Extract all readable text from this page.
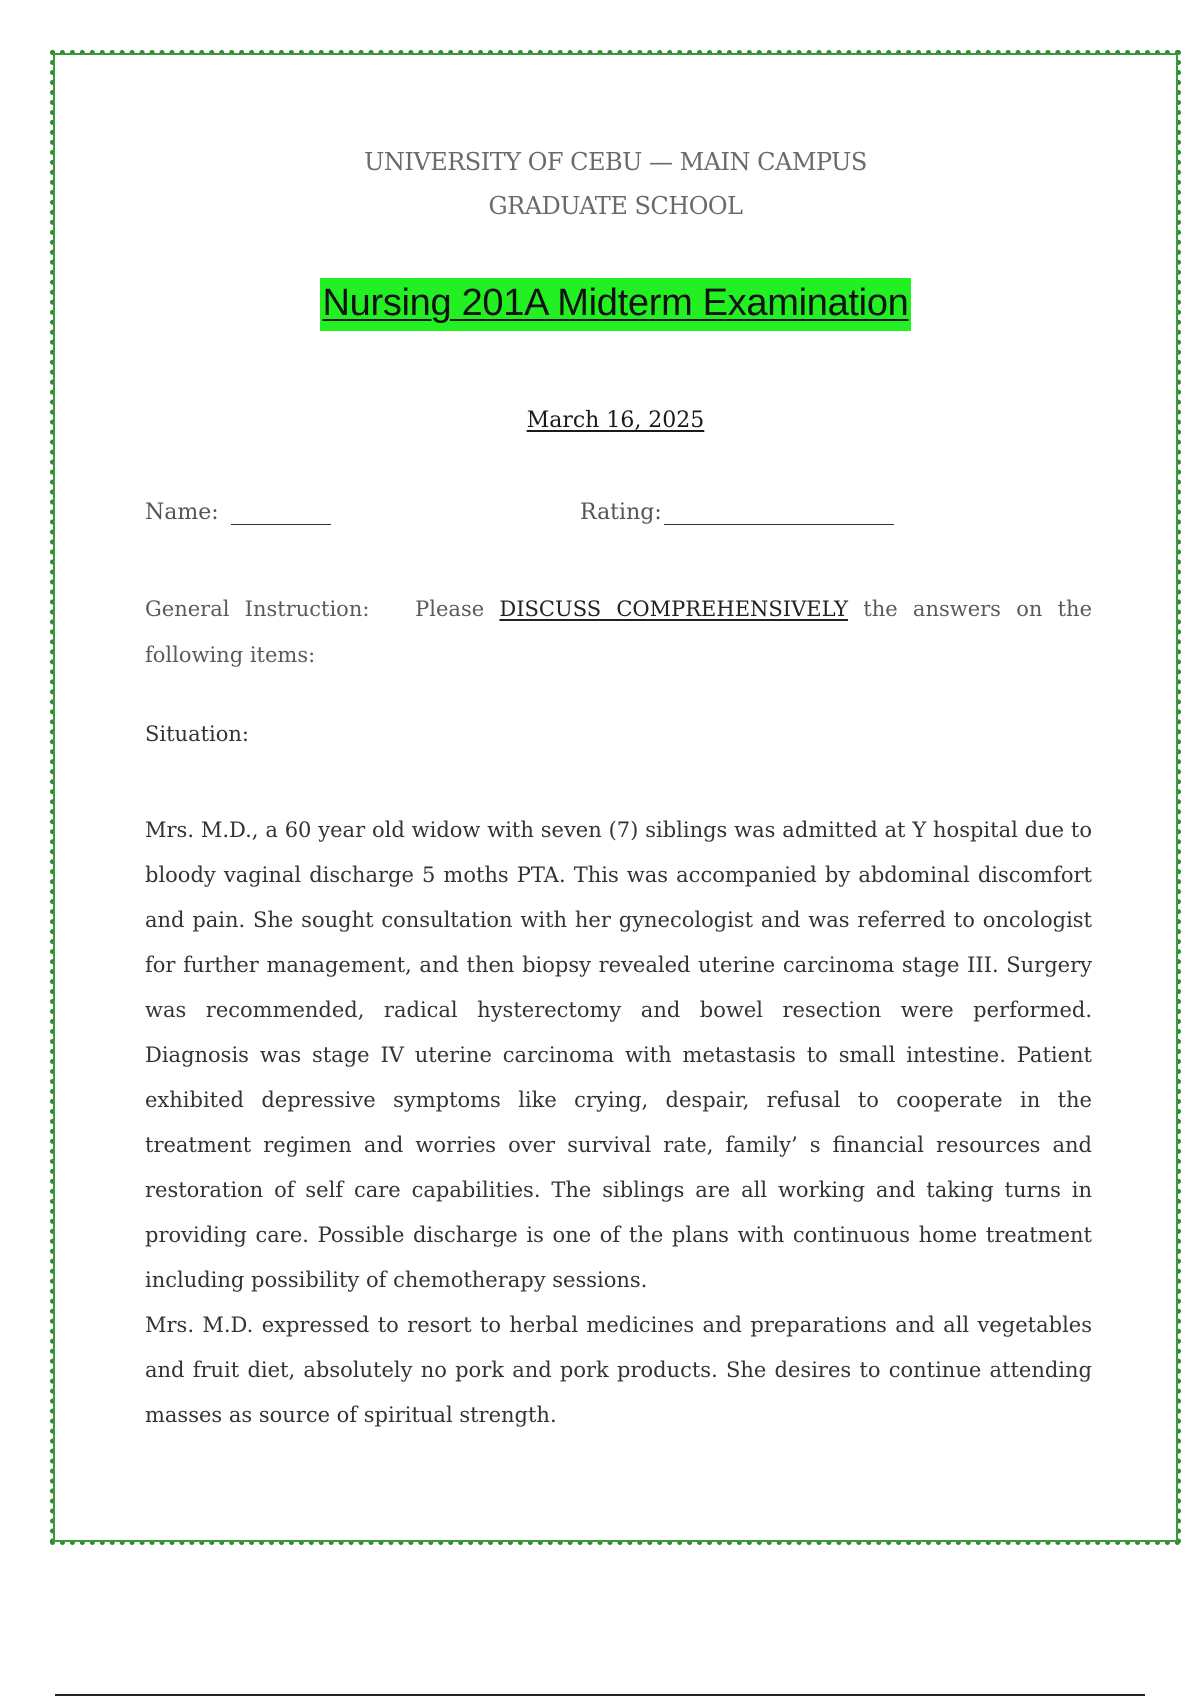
UNIVERSITY OF CEBU — MAIN CAMPUS
GRADUATE SCHOOL
Nursing 201A Midterm Examination
March 16, 2025
Name:	Rating:
General Instruction: Please DISCUSS COMPREHENSIVELY the answers on the following items:
Situation:
Mrs. M.D., a 60 year old widow with seven (7) siblings was admitted at Y hospital due to bloody vaginal discharge 5 moths PTA. This was accompanied by abdominal discomfort and pain. She sought consultation with her gynecologist and was referred to oncologist for further management, and then biopsy revealed uterine carcinoma stage III. Surgery was recommended, radical hysterectomy and bowel resection were performed. Diagnosis was stage IV uterine carcinoma with metastasis to small intestine. Patient exhibited depressive symptoms like crying, despair, refusal to cooperate in the treatment regimen and worries over survival rate, family’ s financial resources and restoration of self care capabilities. The siblings are all working and taking turns in providing care. Possible discharge is one of the plans with continuous home treatment including possibility of chemotherapy sessions.
Mrs. M.D. expressed to resort to herbal medicines and preparations and all vegetables and fruit diet, absolutely no pork and pork products. She desires to continue attending masses as source of spiritual strength.
